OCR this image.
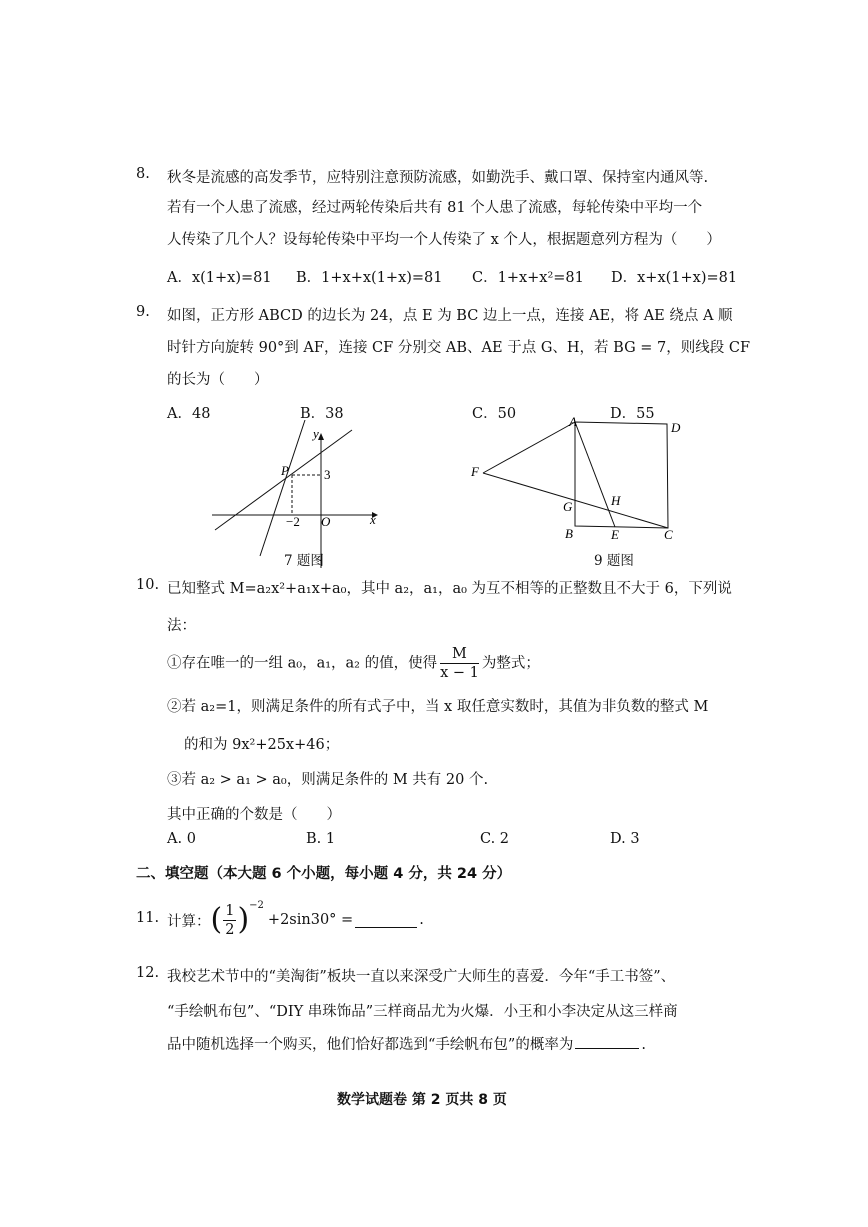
8. 秋冬是流感的高发季节，应特别注意预防流感，如勤洗手、戴口罩、保持室内通风等.
若有一个人患了流感，经过两轮传染后共有 81 个人患了流感，每轮传染中平均一个
人传染了几个人？设每轮传染中平均一个人传染了 x 个人，根据题意列方程为（　　）
A．x(1+x)=81 B．1+x+x(1+x)=81 C．1+x+x²=81 D．x+x(1+x)=81
9. 如图，正方形 ABCD 的边长为 24，点 E 为 BC 边上一点，连接 AE，将 AE 绕点 A 顺
时针方向旋转 90°到 AF，连接 CF 分别交 AB、AE 于点 G、H，若 BG = 7，则线段 CF
的长为（　　）
A．48	B．38	C．50	D．55
y
x
P	3
−2 O
7 题图
A	D
F
G	H
B	E	C
9 题图
10. 已知整式 M=a₂x²+a₁x+a₀，其中 a₂，a₁，a₀ 为互不相等的正整数且不大于 6，下列说
法：
①存在唯一的一组 a₀，a₁，a₂ 的值，使得 $\frac{M}{x - 1}$ 为整式；
②若 a₂=1，则满足条件的所有式子中，当 x 取任意实数时，其值为非负数的整式 M
的和为 9x²+25x+46；
③若 a₂ > a₁ > a₀，则满足条件的 M 共有 20 个.
其中正确的个数是（　　）
A. 0	B. 1	C. 2	D. 3
二、填空题（本大题 6 个小题，每小题 4 分，共 24 分）
11. 计算： ( $\frac{1}{2}$ ) −2
+2sin30° =	.
12. 我校艺术节中的“美淘街”板块一直以来深受广大师生的喜爱．今年“手工书签”、
“手绘帆布包”、“DIY 串珠饰品”三样商品尤为火爆．小王和小李决定从这三样商
品中随机选择一个购买，他们恰好都选到“手绘帆布包”的概率为	.
数学试题卷 第 2 页共 8 页
